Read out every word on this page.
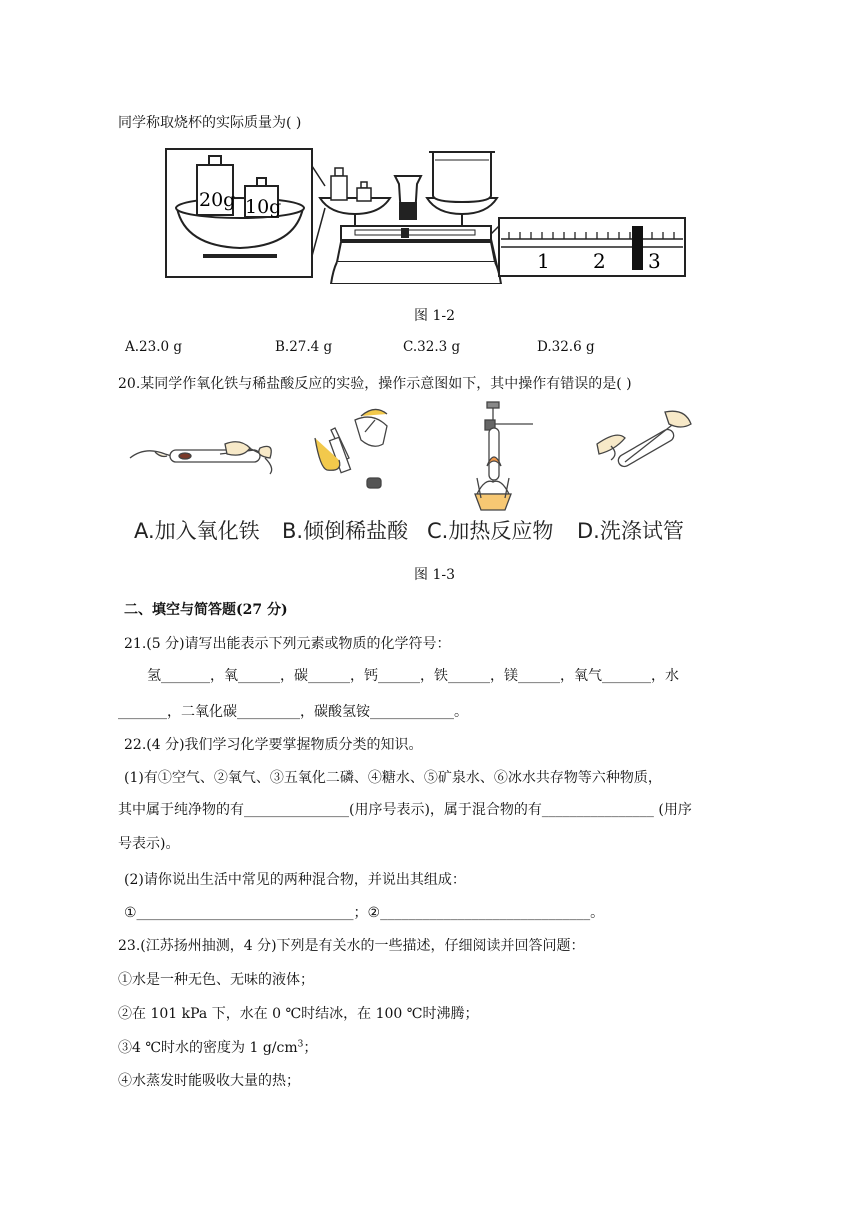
同学称取烧杯的实际质量为( )
20g 10g
1 2 3
图 1-2
A.23.0 g	B.27.4 g	C.32.3 g	D.32.6 g
20.某同学作氧化铁与稀盐酸反应的实验，操作示意图如下，其中操作有错误的是( )
A.加入氧化铁 B.倾倒稀盐酸 C.加热反应物 D.洗涤试管
图 1-3
二、填空与简答题(27 分)
21.(5 分)请写出能表示下列元素或物质的化学符号：
氢_______，氧______，碳______，钙______，铁______，镁______，氧气_______，水
_______，二氧化碳_________，碳酸氢铵____________。
22.(4 分)我们学习化学要掌握物质分类的知识。
(1)有①空气、②氧气、③五氧化二磷、④糖水、⑤矿泉水、⑥冰水共存物等六种物质，
其中属于纯净物的有_______________(用序号表示)，属于混合物的有________________ (用序
号表示)。
(2)请你说出生活中常见的两种混合物，并说出其组成：
①_______________________________；②______________________________。
23.(江苏扬州抽测，4 分)下列是有关水的一些描述，仔细阅读并回答问题：
①水是一种无色、无味的液体；
②在 101 kPa 下，水在 0 ℃时结冰，在 100 ℃时沸腾；
③4 ℃时水的密度为 1 $g/cm^3$；
④水蒸发时能吸收大量的热；
